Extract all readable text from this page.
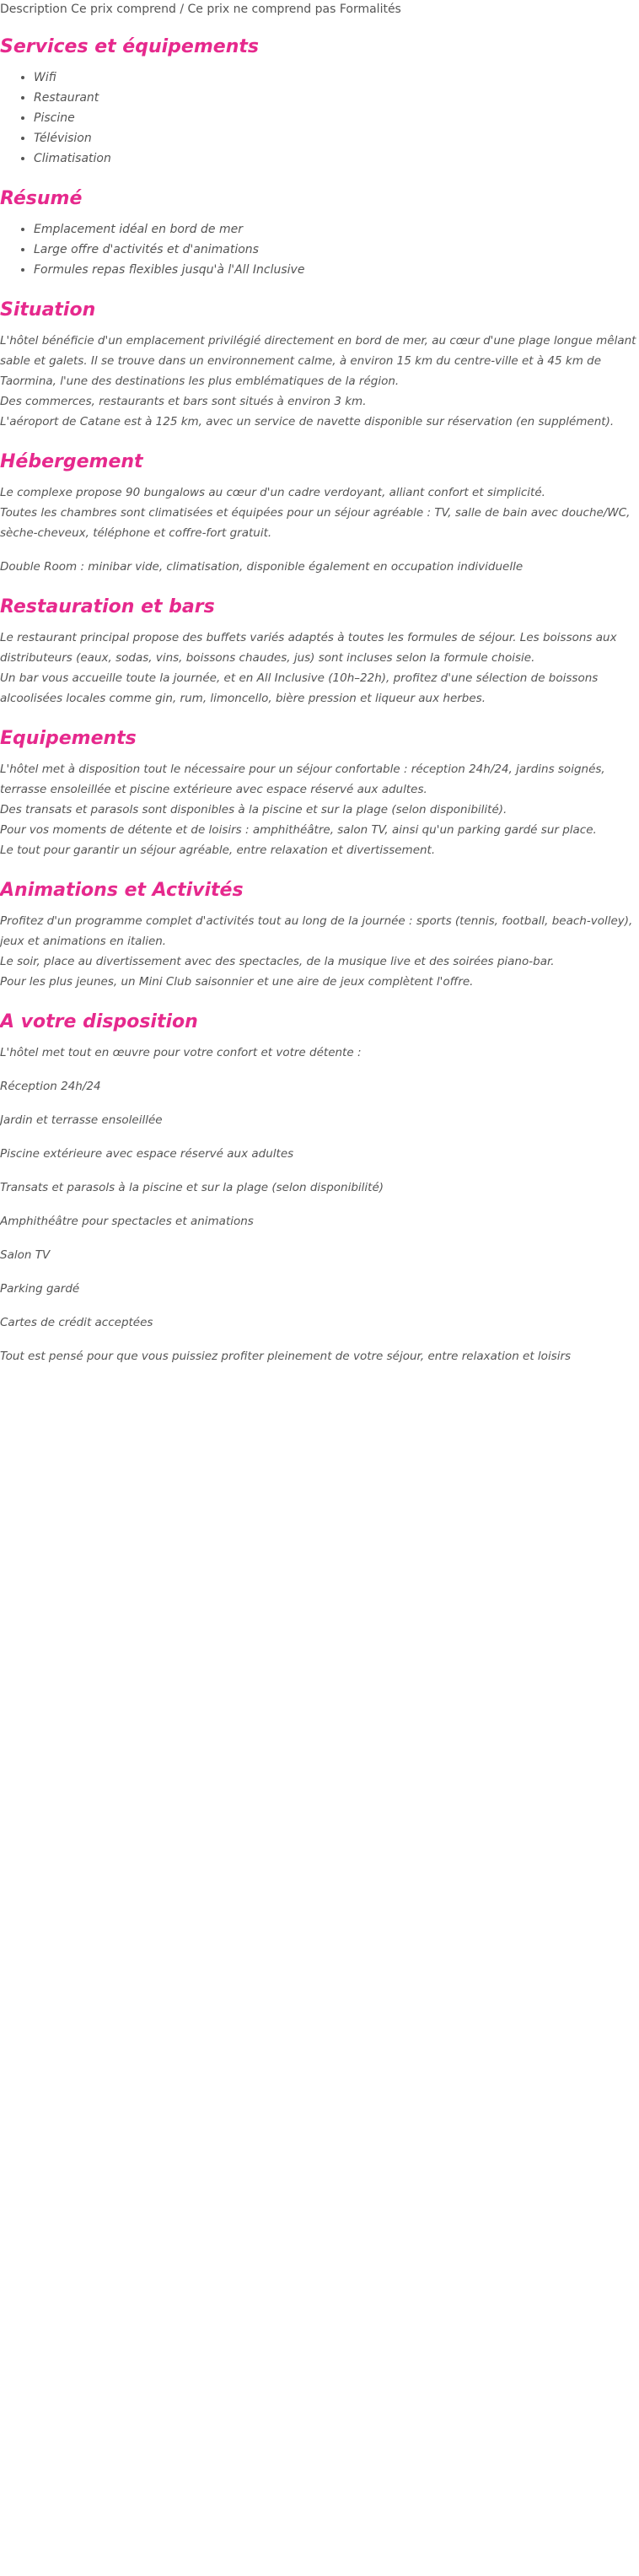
Description Ce prix comprend / Ce prix ne comprend pas Formalités
Services et équipements
• Wifi
• Restaurant
• Piscine
• Télévision
• Climatisation
Résumé
• Emplacement idéal en bord de mer
• Large offre d'activités et d'animations
• Formules repas flexibles jusqu'à l'All Inclusive
Situation

L'hôtel bénéficie d'un emplacement privilégié directement en bord de mer, au cœur d'une plage longue mêlant sable et galets. Il se trouve dans un environnement calme, à environ 15 km du centre-ville et à 45 km de Taormina, l'une des destinations les plus emblématiques de la région.

Des commerces, restaurants et bars sont situés à environ 3 km.

L'aéroport de Catane est à 125 km, avec un service de navette disponible sur réservation (en supplément).

Hébergement

Le complexe propose 90 bungalows au cœur d'un cadre verdoyant, alliant confort et simplicité.

Toutes les chambres sont climatisées et équipées pour un séjour agréable : TV, salle de bain avec douche/WC, sèche-cheveux, téléphone et coffre-fort gratuit.

Double Room : minibar vide, climatisation, disponible également en occupation individuelle

Restauration et bars

Le restaurant principal propose des buffets variés adaptés à toutes les formules de séjour. Les boissons aux distributeurs (eaux, sodas, vins, boissons chaudes, jus) sont incluses selon la formule choisie.

Un bar vous accueille toute la journée, et en All Inclusive (10h–22h), profitez d'une sélection de boissons alcoolisées locales comme gin, rum, limoncello, bière pression et liqueur aux herbes.

Equipements

L'hôtel met à disposition tout le nécessaire pour un séjour confortable : réception 24h/24, jardins soignés, terrasse ensoleillée et piscine extérieure avec espace réservé aux adultes.

Des transats et parasols sont disponibles à la piscine et sur la plage (selon disponibilité).

Pour vos moments de détente et de loisirs : amphithéâtre, salon TV, ainsi qu'un parking gardé sur place.

Le tout pour garantir un séjour agréable, entre relaxation et divertissement.

Animations et Activités

Profitez d'un programme complet d'activités tout au long de la journée : sports (tennis, football, beach-volley), jeux et animations en italien.

Le soir, place au divertissement avec des spectacles, de la musique live et des soirées piano-bar.

Pour les plus jeunes, un Mini Club saisonnier et une aire de jeux complètent l'offre.

A votre disposition

L'hôtel met tout en œuvre pour votre confort et votre détente :

Réception 24h/24

Jardin et terrasse ensoleillée

Piscine extérieure avec espace réservé aux adultes

Transats et parasols à la piscine et sur la plage (selon disponibilité)

Amphithéâtre pour spectacles et animations

Salon TV

Parking gardé

Cartes de crédit acceptées

Tout est pensé pour que vous puissiez profiter pleinement de votre séjour, entre relaxation et loisirs
